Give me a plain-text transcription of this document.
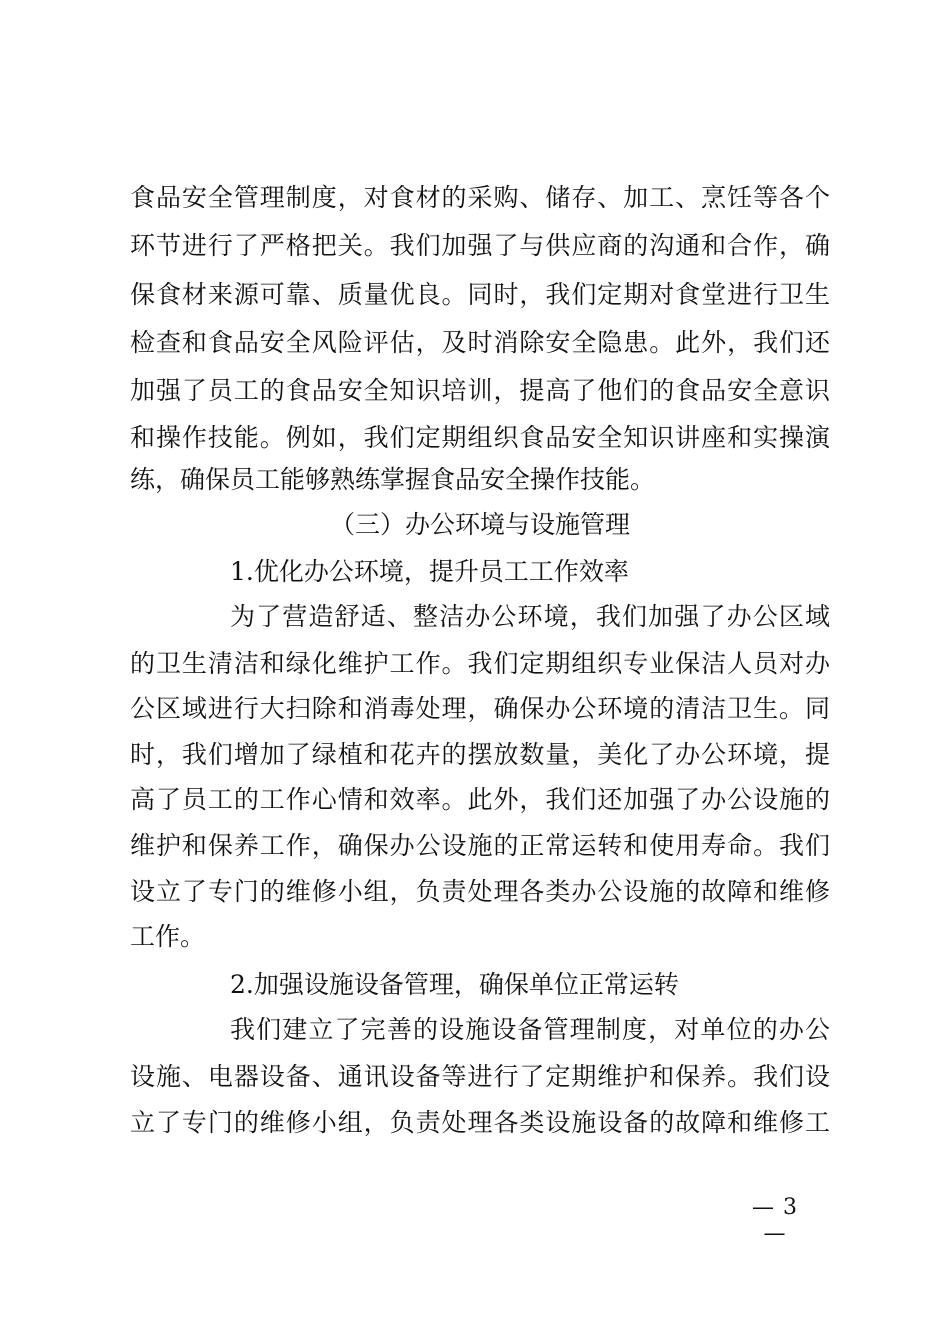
食品安全管理制度，对食材的采购、储存、加工、烹饪等各个
环节进行了严格把关。我们加强了与供应商的沟通和合作，确
保食材来源可靠、质量优良。同时，我们定期对食堂进行卫生
检查和食品安全风险评估，及时消除安全隐患。此外，我们还
加强了员工的食品安全知识培训，提高了他们的食品安全意识
和操作技能。例如，我们定期组织食品安全知识讲座和实操演
练，确保员工能够熟练掌握食品安全操作技能。
（三）办公环境与设施管理
1.优化办公环境，提升员工工作效率
为了营造舒适、整洁办公环境，我们加强了办公区域
的卫生清洁和绿化维护工作。我们定期组织专业保洁人员对办
公区域进行大扫除和消毒处理，确保办公环境的清洁卫生。同
时，我们增加了绿植和花卉的摆放数量，美化了办公环境，提
高了员工的工作心情和效率。此外，我们还加强了办公设施的
维护和保养工作，确保办公设施的正常运转和使用寿命。我们
设立了专门的维修小组，负责处理各类办公设施的故障和维修
工作。
2.加强设施设备管理，确保单位正常运转
我们建立了完善的设施设备管理制度，对单位的办公
设施、电器设备、通讯设备等进行了定期维护和保养。我们设
立了专门的维修小组，负责处理各类设施设备的故障和维修工
— 3 —
